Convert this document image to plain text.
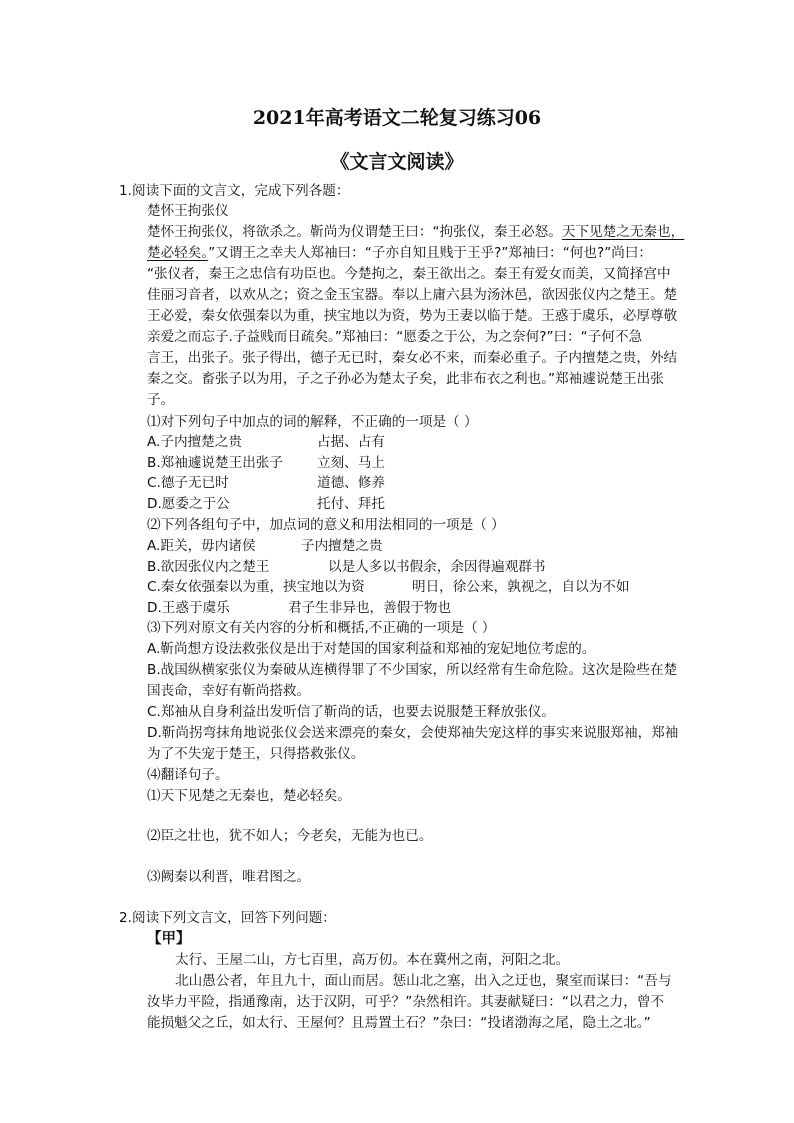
2021年高考语文二轮复习练习06
《文言文阅读》
1.阅读下面的文言文，完成下列各题：
楚怀王拘张仪
楚怀王拘张仪，将欲杀之。靳尚为仪谓楚王曰：“拘张仪，秦王必怒。天下见楚之无秦也，
楚必轻矣。”又谓王之幸夫人郑袖曰：“子亦自知且贱于王乎?”郑袖曰：“何也?”尚曰：
“张仪者，秦王之忠信有功臣也。今楚拘之，秦王欲出之。秦王有爱女而美，又简择宫中
佳丽习音者，以欢从之；资之金玉宝器。奉以上庸六县为汤沐邑，欲因张仪内之楚王。楚
王必爱，秦女依强秦以为重，挟宝地以为资，势为王妻以临于楚。王惑于虞乐，必厚尊敬
亲爱之而忘子.子益贱而日疏矣。”郑袖曰：“愿委之于公，为之奈何?”曰：“子何不急
言王，出张子。张子得出，德子无已时，秦女必不来，而秦必重子。子内擅楚之贵，外结
秦之交。畜张子以为用，子之子孙必为楚太子矣，此非布衣之利也。”郑袖遽说楚王出张
子。
⑴对下列句子中加点的词的解释，不正确的一项是（ ）
A.子内擅楚之贵	占据、占有
B.郑袖遽说楚王出张子	立刻、马上
C.德子无已时	道德、修养
D.愿委之于公	托付、拜托
⑵下列各组句子中，加点词的意义和用法相同的一项是（ ）
A.距关，毋内诸侯	子内擅楚之贵
B.欲因张仪内之楚王	以是人多以书假余，余因得遍观群书
C.秦女依强秦以为重，挟宝地以为资	明日，徐公来，孰视之，自以为不如
D.王惑于虞乐	君子生非异也，善假于物也
⑶下列对原文有关内容的分析和概括,不正确的一项是（ ）
A.靳尚想方设法救张仪是出于对楚国的国家利益和郑袖的宠妃地位考虑的。
B.战国纵横家张仪为秦破从连横得罪了不少国家，所以经常有生命危险。这次是险些在楚
国丧命，幸好有靳尚搭救。
C.郑袖从自身利益出发听信了靳尚的话，也要去说服楚王释放张仪。
D.靳尚拐弯抹角地说张仪会送来漂亮的秦女，会使郑袖失宠这样的事实来说服郑袖，郑袖
为了不失宠于楚王，只得搭救张仪。
⑷翻译句子。
⑴天下见楚之无秦也，楚必轻矣。
⑵臣之壮也，犹不如人；今老矣，无能为也已。
⑶阙秦以利晋，唯君图之。
2.阅读下列文言文，回答下列问题：
【甲】
太行、王屋二山，方七百里，高万仞。本在冀州之南，河阳之北。
北山愚公者，年且九十，面山而居。惩山北之塞，出入之迂也，聚室而谋曰：“吾与
汝毕力平险，指通豫南，达于汉阴，可乎？”杂然相许。其妻献疑曰：“以君之力，曾不
能损魁父之丘，如太行、王屋何？且焉置土石？”杂曰：“投诸渤海之尾，隐土之北。”
